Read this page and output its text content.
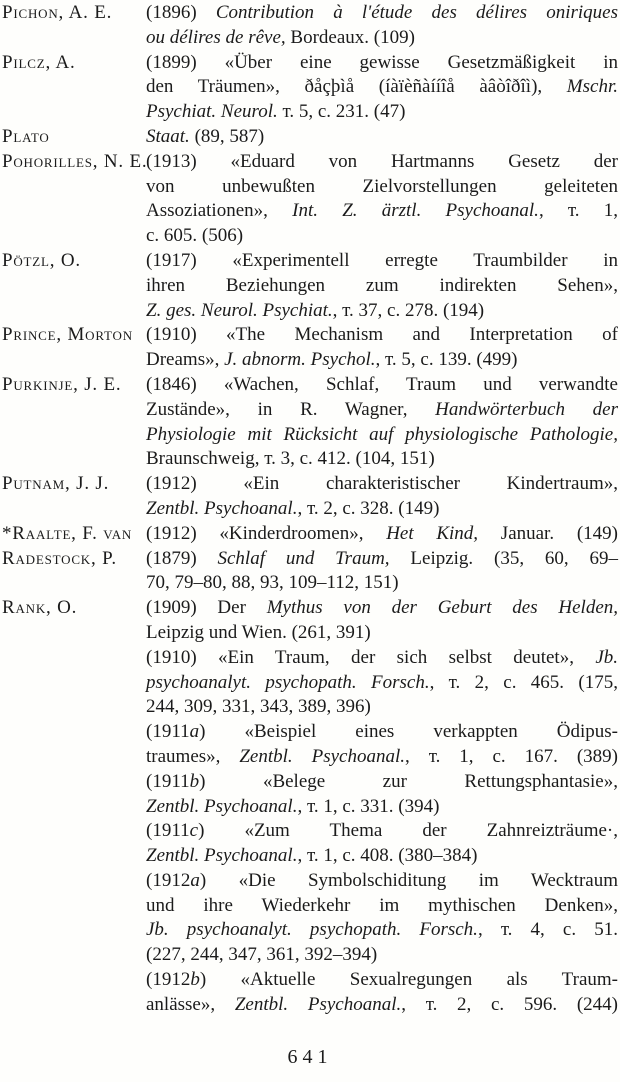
Pichon, A. E. (1896) Contribution à l'étude des délires oniriques
ou délires de rêve, Bordeaux. (109)
Pilcz, A.	(1899) «Über eine gewisse Gesetzmäßigkeit in
den Träumen», ðåçþìå (íàïèñàííîå àâòîðîì), Mschr.
Psychiat. Neurol. т. 5, с. 231. (47)
Plato	Staat. (89, 587)
Pohorilles, N. E.
(1913) «Eduard von Hartmanns Gesetz der
von unbewußten Zielvorstellungen geleiteten
Assoziationen», Int. Z. ärztl. Psychoanal., т. 1,
с. 605. (506)
Pötzl, O.	(1917) «Experimentell erregte Traumbilder in
ihren Beziehungen zum indirekten Sehen»,
Z. ges. Neurol. Psychiat., т. 37, с. 278. (194)
Prince, Morton (1910) «The Mechanism and Interpretation of
Dreams», J. abnorm. Psychol., т. 5, с. 139. (499)
Purkinje, J. E. (1846) «Wachen, Schlaf, Traum und verwandte
Zustände», in R. Wagner, Handwörterbuch der
Physiologie mit Rücksicht auf physiologische Pathologie,
Braunschweig, т. 3, с. 412. (104, 151)
Putnam, J. J. (1912) «Ein charakteristischer Kindertraum»,
Zentbl. Psychoanal., т. 2, с. 328. (149)
*Raalte, F. van (1912) «Kinderdroomen», Het Kind, Januar. (149)
Radestock, P. (1879) Schlaf und Traum, Leipzig. (35, 60, 69–
70, 79–80, 88, 93, 109–112, 151)
Rank, O.	(1909) Der Mythus von der Geburt des Helden,
Leipzig und Wien. (261, 391)
(1910) «Ein Traum, der sich selbst deutet», Jb.
psychoanalyt. psychopath. Forsch., т. 2, с. 465. (175,
244, 309, 331, 343, 389, 396)
(1911a) «Beispiel eines verkappten Ödipus-
traumes», Zentbl. Psychoanal., т. 1, с. 167. (389)
(1911b) «Belege zur Rettungsphantasie»,
Zentbl. Psychoanal., т. 1, с. 331. (394)
(1911c) «Zum Thema der Zahnreizträume·,
Zentbl. Psychoanal., т. 1, с. 408. (380–384)
(1912a) «Die Symbolschiditung im Wecktraum
und ihre Wiederkehr im mythischen Denken»,
Jb. psychoanalyt. psychopath. Forsch., т. 4, с. 51.
(227, 244, 347, 361, 392–394)
(1912b) «Aktuelle Sexualregungen als Traum-
anlässe», Zentbl. Psychoanal., т. 2, с. 596. (244)
641
